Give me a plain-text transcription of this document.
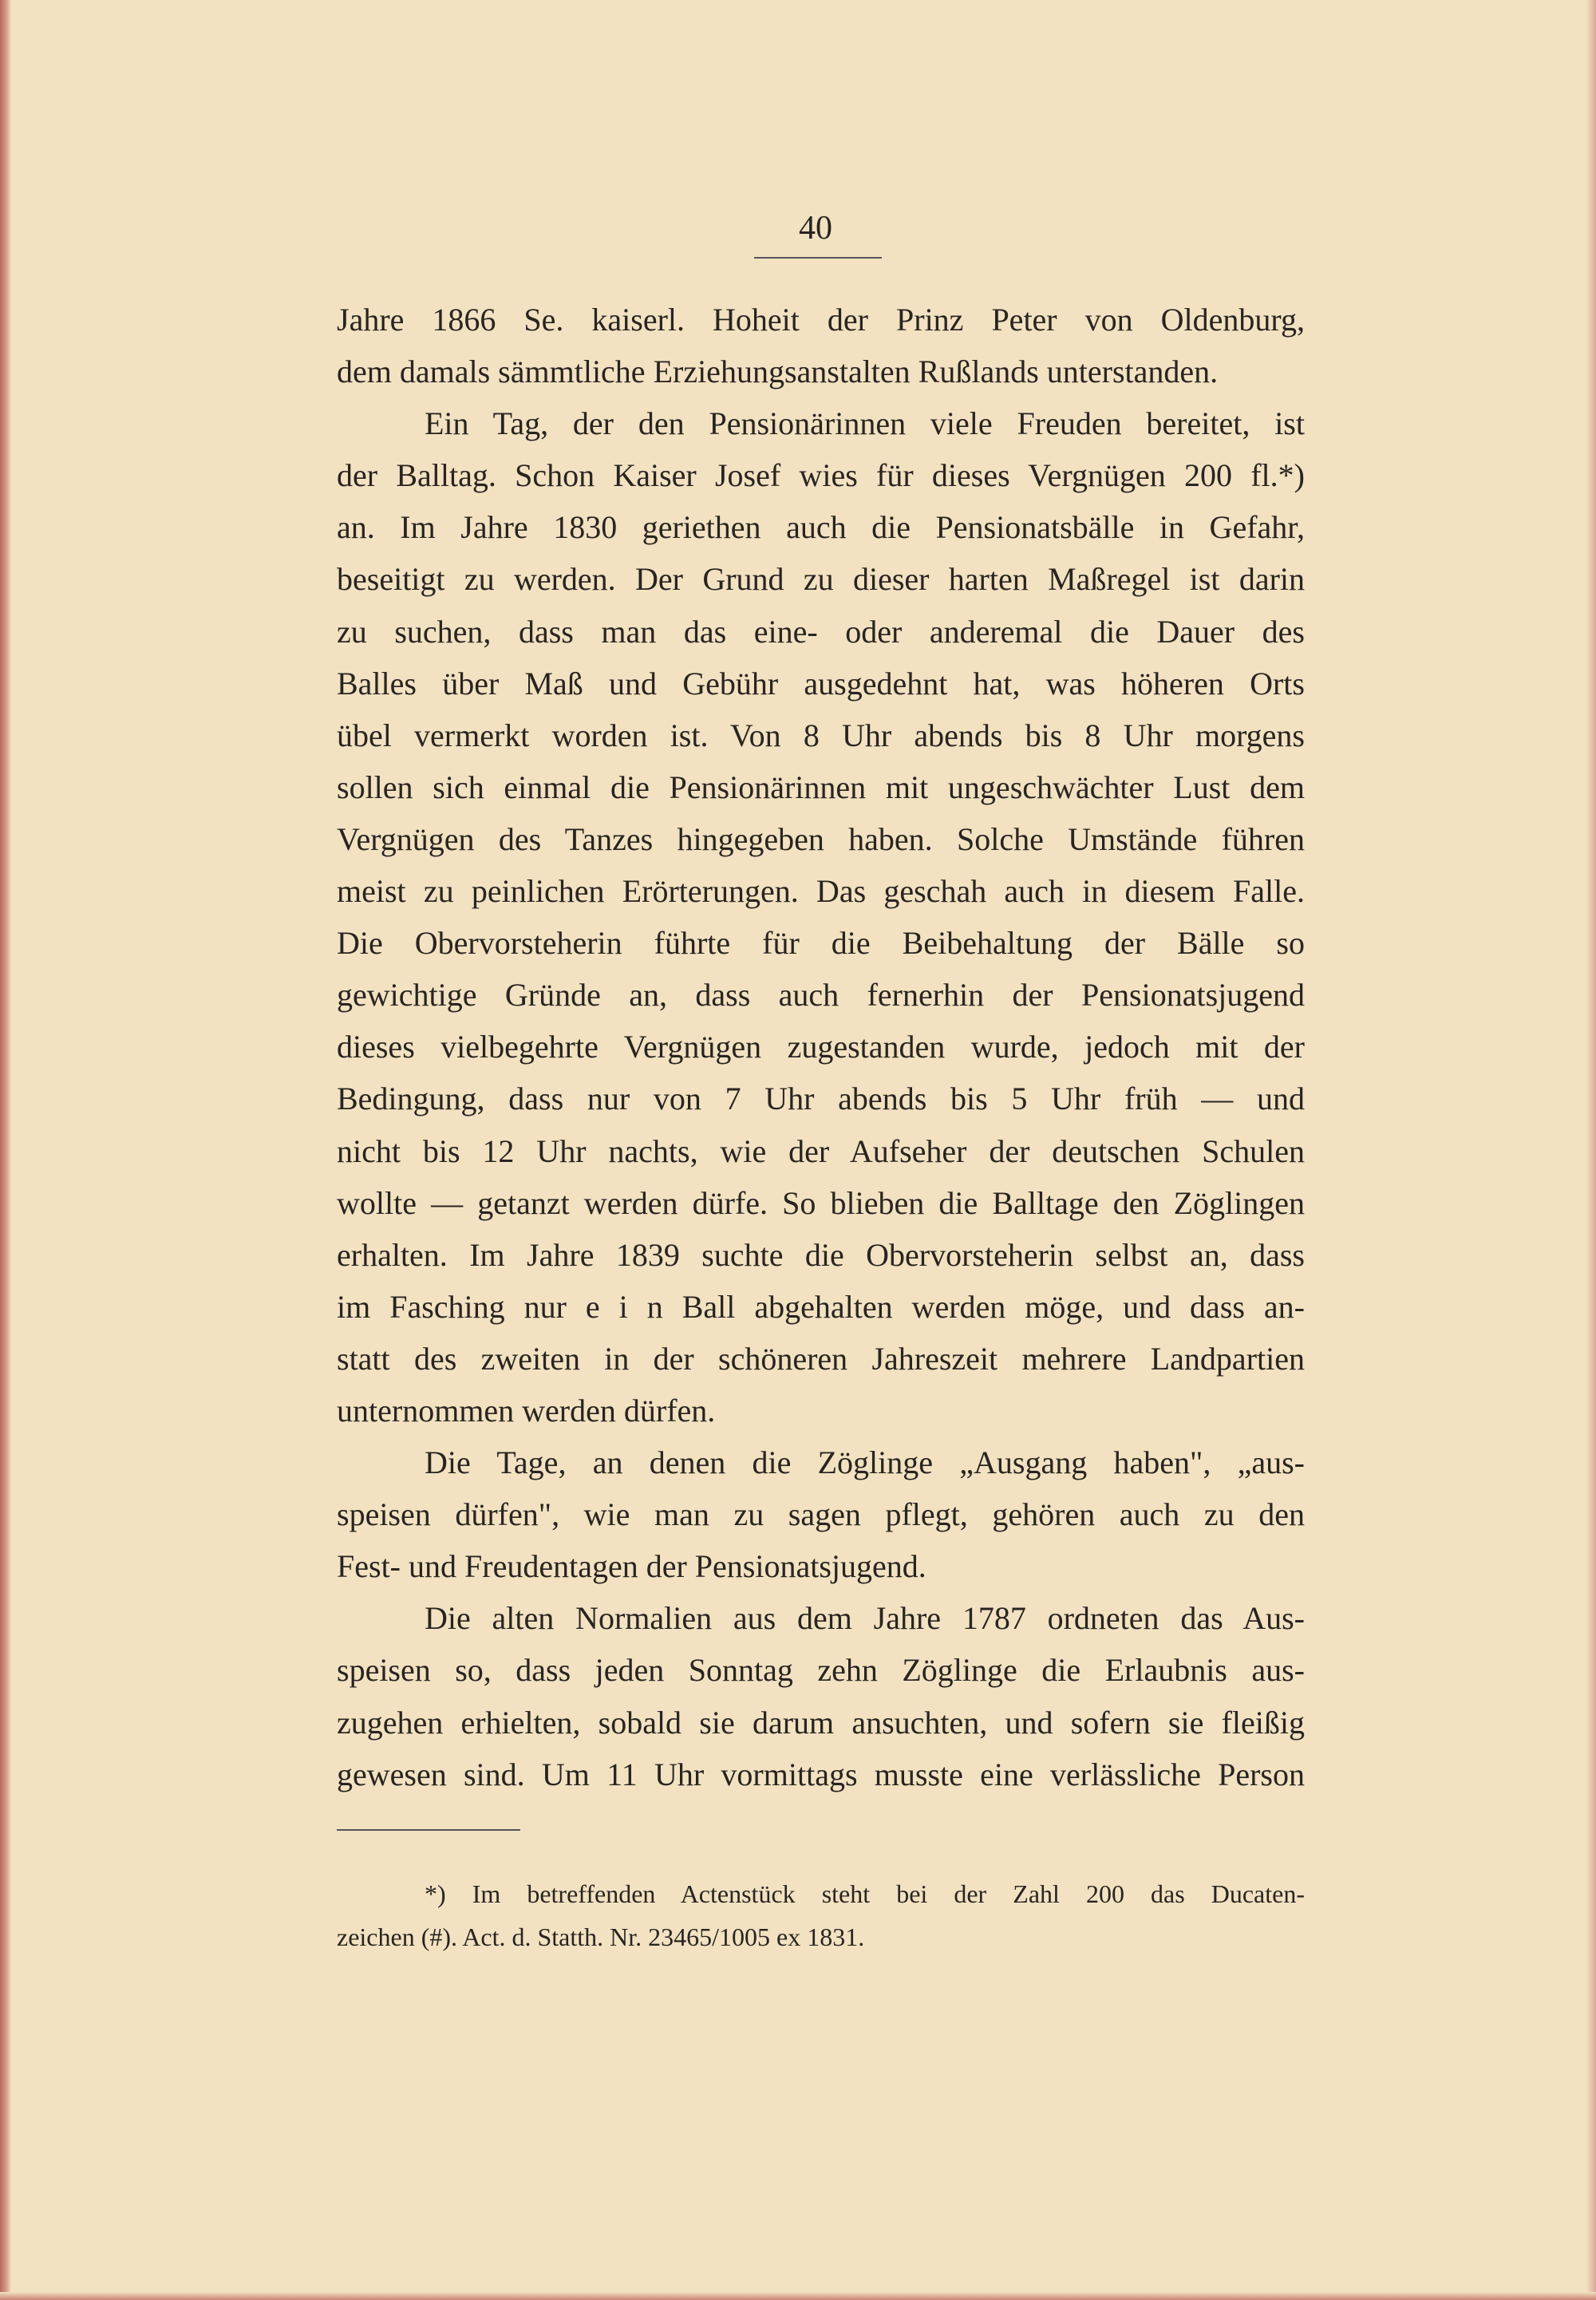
40
Jahre 1866 Se. kaiserl. Hoheit der Prinz Peter von Oldenburg,
dem damals sämmtliche Erziehungsanstalten Rußlands unterstanden.
Ein Tag, der den Pensionärinnen viele Freuden bereitet, ist
der Balltag. Schon Kaiser Josef wies für dieses Vergnügen 200 fl.*)
an. Im Jahre 1830 geriethen auch die Pensionatsbälle in Gefahr,
beseitigt zu werden. Der Grund zu dieser harten Maßregel ist darin
zu suchen, dass man das eine- oder anderemal die Dauer des
Balles über Maß und Gebühr ausgedehnt hat, was höheren Orts
übel vermerkt worden ist. Von 8 Uhr abends bis 8 Uhr morgens
sollen sich einmal die Pensionärinnen mit ungeschwächter Lust dem
Vergnügen des Tanzes hingegeben haben. Solche Umstände führen
meist zu peinlichen Erörterungen. Das geschah auch in diesem Falle.
Die Obervorsteherin führte für die Beibehaltung der Bälle so
gewichtige Gründe an, dass auch fernerhin der Pensionatsjugend
dieses vielbegehrte Vergnügen zugestanden wurde, jedoch mit der
Bedingung, dass nur von 7 Uhr abends bis 5 Uhr früh — und
nicht bis 12 Uhr nachts, wie der Aufseher der deutschen Schulen
wollte — getanzt werden dürfe. So blieben die Balltage den Zöglingen
erhalten. Im Jahre 1839 suchte die Obervorsteherin selbst an, dass
im Fasching nur e i n Ball abgehalten werden möge, und dass an-
statt des zweiten in der schöneren Jahreszeit mehrere Landpartien
unternommen werden dürfen.
Die Tage, an denen die Zöglinge „Ausgang haben", „aus-
speisen dürfen", wie man zu sagen pflegt, gehören auch zu den
Fest- und Freudentagen der Pensionatsjugend.
Die alten Normalien aus dem Jahre 1787 ordneten das Aus-
speisen so, dass jeden Sonntag zehn Zöglinge die Erlaubnis aus-
zugehen erhielten, sobald sie darum ansuchten, und sofern sie fleißig
gewesen sind. Um 11 Uhr vormittags musste eine verlässliche Person
*) Im betreffenden Actenstück steht bei der Zahl 200 das Ducaten-
zeichen (#). Act. d. Statth. Nr. 23465/1005 ex 1831.
